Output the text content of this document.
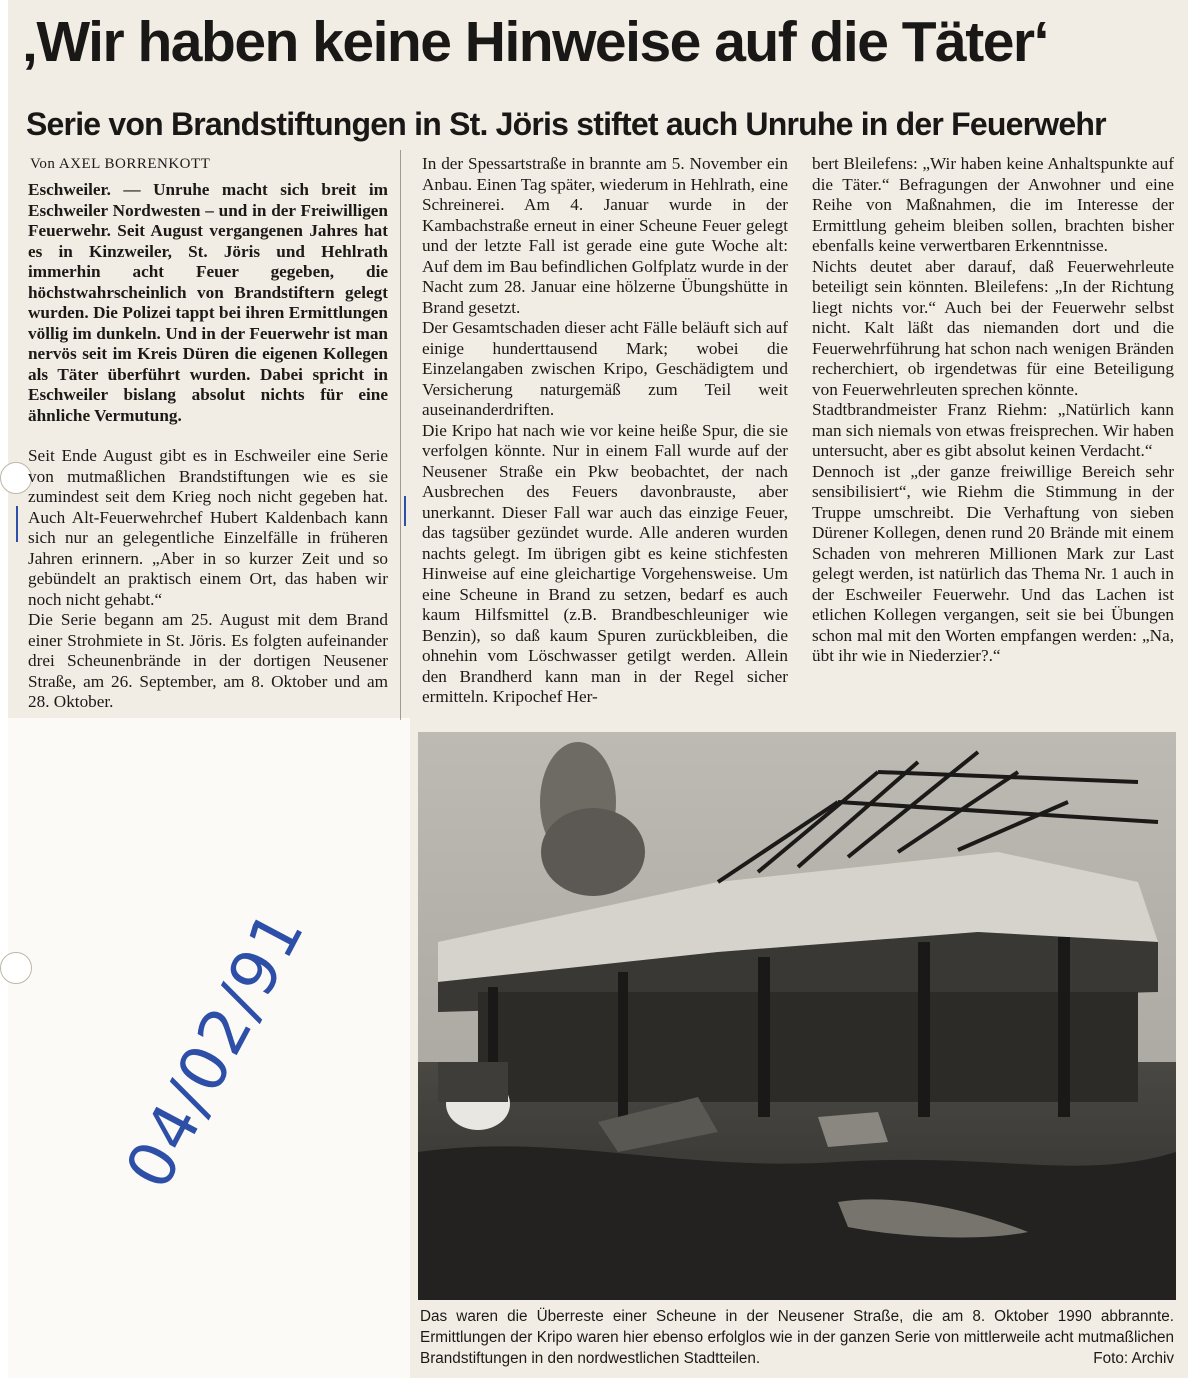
‚Wir haben keine Hinweise auf die Täter‘
Serie von Brandstiftungen in St. Jöris stiftet auch Unruhe in der Feuerwehr
Von AXEL BORRENKOTT

Eschweiler. — Unruhe macht sich breit im Eschweiler Nordwesten – und in der Freiwilligen Feuerwehr. Seit August vergangenen Jahres hat es in Kinzweiler, St. Jöris und Hehlrath immerhin acht Feuer gegeben, die höchstwahrscheinlich von Brandstiftern gelegt wurden. Die Polizei tappt bei ihren Ermittlungen völlig im dunkeln. Und in der Feuerwehr ist man nervös seit im Kreis Düren die eigenen Kollegen als Täter überführt wurden. Dabei spricht in Eschweiler bislang absolut nichts für eine ähnliche Vermutung.

Seit Ende August gibt es in Eschweiler eine Serie von mutmaßlichen Brandstiftungen wie es sie zumindest seit dem Krieg noch nicht gegeben hat. Auch Alt-Feuerwehrchef Hubert Kaldenbach kann sich nur an gelegentliche Einzelfälle in früheren Jahren erinnern. „Aber in so kurzer Zeit und so gebündelt an praktisch einem Ort, das haben wir noch nicht gehabt.“

Die Serie begann am 25. August mit dem Brand einer Strohmiete in St. Jöris. Es folgten aufeinander drei Scheunenbrände in der dortigen Neusener Straße, am 26. September, am 8. Oktober und am 28. Oktober.

In der Spessartstraße in brannte am 5. November ein Anbau. Einen Tag später, wiederum in Hehlrath, eine Schreinerei. Am 4. Januar wurde in der Kambachstraße erneut in einer Scheune Feuer gelegt und der letzte Fall ist gerade eine gute Woche alt: Auf dem im Bau befindlichen Golfplatz wurde in der Nacht zum 28. Januar eine hölzerne Übungshütte in Brand gesetzt.

Der Gesamtschaden dieser acht Fälle beläuft sich auf einige hunderttausend Mark; wobei die Einzelangaben zwischen Kripo, Geschädigtem und Versicherung naturgemäß zum Teil weit auseinanderdriften.

Die Kripo hat nach wie vor keine heiße Spur, die sie verfolgen könnte. Nur in einem Fall wurde auf der Neusener Straße ein Pkw beobachtet, der nach Ausbrechen des Feuers davonbrauste, aber unerkannt. Dieser Fall war auch das einzige Feuer, das tagsüber gezündet wurde. Alle anderen wurden nachts gelegt. Im übrigen gibt es keine stichfesten Hinweise auf eine gleichartige Vorgehensweise. Um eine Scheune in Brand zu setzen, bedarf es auch kaum Hilfsmittel (z.B. Brandbeschleuniger wie Benzin), so daß kaum Spuren zurückbleiben, die ohnehin vom Löschwasser getilgt werden. Allein den Brandherd kann man in der Regel sicher ermitteln. Kripochef Her-

bert Bleilefens: „Wir haben keine Anhaltspunkte auf die Täter.“ Befragungen der Anwohner und eine Reihe von Maßnahmen, die im Interesse der Ermittlung geheim bleiben sollen, brachten bisher ebenfalls keine verwertbaren Erkenntnisse.

Nichts deutet aber darauf, daß Feuerwehrleute beteiligt sein könnten. Bleilefens: „In der Richtung liegt nichts vor.“ Auch bei der Feuerwehr selbst nicht. Kalt läßt das niemanden dort und die Feuerwehrführung hat schon nach wenigen Bränden recherchiert, ob irgendetwas für eine Beteiligung von Feuerwehrleuten sprechen könnte.

Stadtbrandmeister Franz Riehm: „Natürlich kann man sich niemals von etwas freisprechen. Wir haben untersucht, aber es gibt absolut keinen Verdacht.“

Dennoch ist „der ganze freiwillige Bereich sehr sensibilisiert“, wie Riehm die Stimmung in der Truppe umschreibt. Die Verhaftung von sieben Dürener Kollegen, denen rund 20 Brände mit einem Schaden von mehreren Millionen Mark zur Last gelegt werden, ist natürlich das Thema Nr. 1 auch in der Eschweiler Feuerwehr. Und das Lachen ist etlichen Kollegen vergangen, seit sie bei Übungen schon mal mit den Worten empfangen werden: „Na, übt ihr wie in Niederzier?.“

Das waren die Überreste einer Scheune in der Neusener Straße, die am 8. Oktober 1990 abbrannte. Ermittlungen der Kripo waren hier ebenso erfolglos wie in der ganzen Serie von mittlerweile acht mutmaßlichen Brandstiftungen in den nordwestlichen Stadtteilen.	Foto: Archiv
04/02/91
